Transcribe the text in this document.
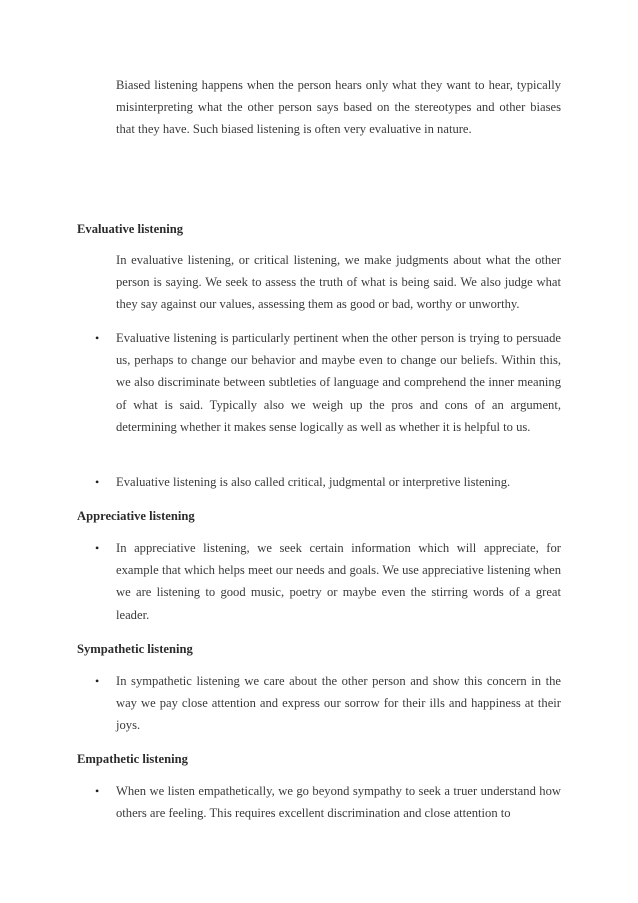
Biased listening happens when the person hears only what they want to hear, typically misinterpreting what the other person says based on the stereotypes and other biases that they have. Such biased listening is often very evaluative in nature.
Evaluative listening
In evaluative listening, or critical listening, we make judgments about what the other person is saying. We seek to assess the truth of what is being said. We also judge what they say against our values, assessing them as good or bad, worthy or unworthy.
• Evaluative listening is particularly pertinent when the other person is trying to persuade us, perhaps to change our behavior and maybe even to change our beliefs. Within this, we also discriminate between subtleties of language and comprehend the inner meaning of what is said. Typically also we weigh up the pros and cons of an argument, determining whether it makes sense logically as well as whether it is helpful to us.
• Evaluative listening is also called critical, judgmental or interpretive listening.
Appreciative listening
• In appreciative listening, we seek certain information which will appreciate, for example that which helps meet our needs and goals. We use appreciative listening when we are listening to good music, poetry or maybe even the stirring words of a great leader.
Sympathetic listening
• In sympathetic listening we care about the other person and show this concern in the way we pay close attention and express our sorrow for their ills and happiness at their joys.
Empathetic listening
• When we listen empathetically, we go beyond sympathy to seek a truer understand how others are feeling. This requires excellent discrimination and close attention to
